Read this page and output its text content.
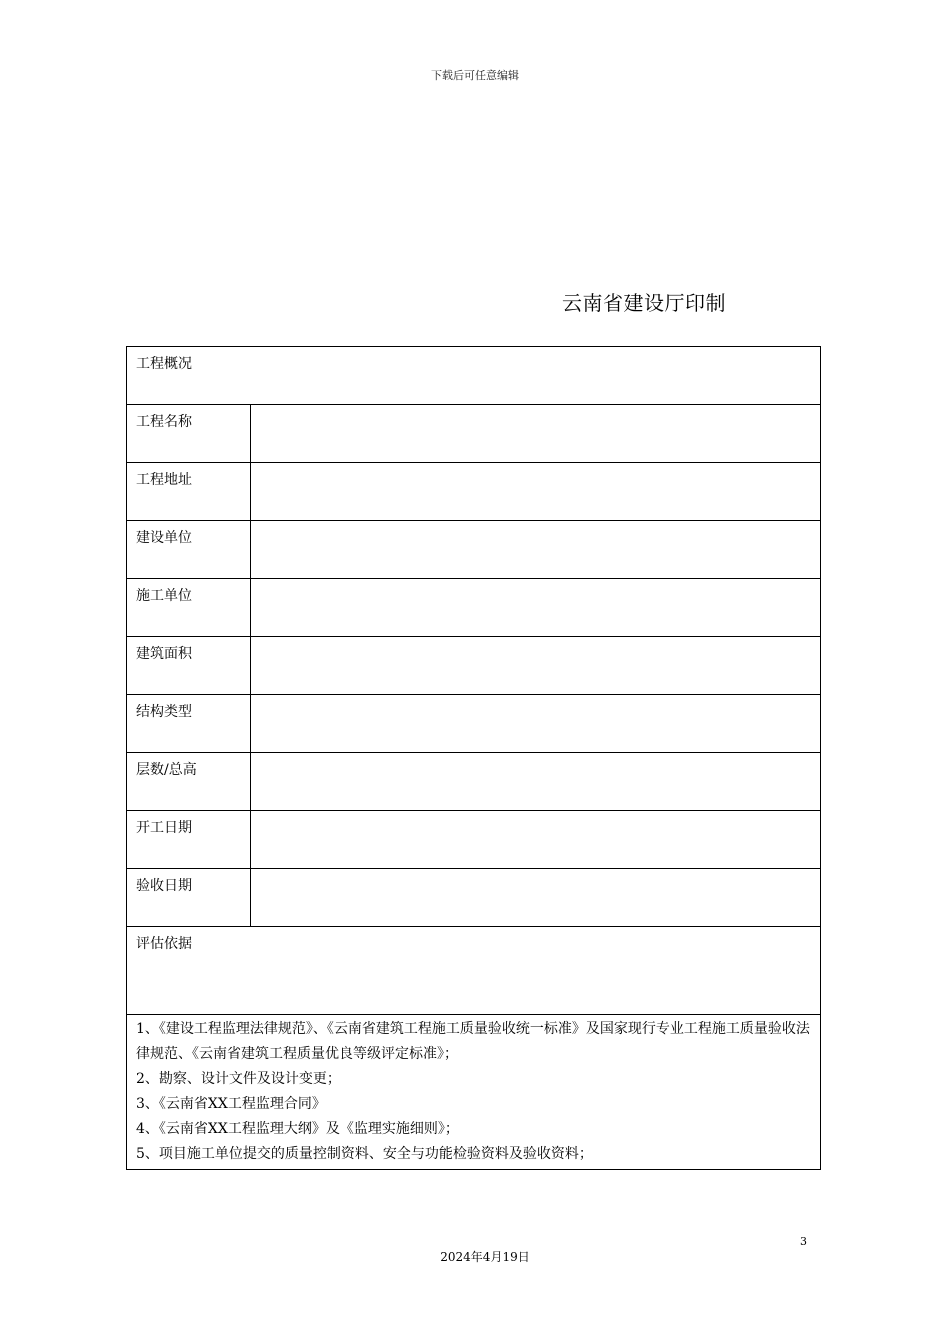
下载后可任意编辑
云南省建设厅印制
工程概况	
工程名称	
工程地址	
建设单位	
施工单位	
建筑面积	
结构类型	
层数/总高	
开工日期	
验收日期	
评估依据	

1、《建设工程监理法律规范》、《云南省建筑工程施工质量验收统一标准》及国家现行专业工程施工质量验收法律规范、《云南省建筑工程质量优良等级评定标准》；
2、勘察、设计文件及设计变更；
3、《云南省XX工程监理合同》
4、《云南省XX工程监理大纲》及《监理实施细则》；
5、项目施工单位提交的质量控制资料、安全与功能检验资料及验收资料；	
3
2024年4月19日
